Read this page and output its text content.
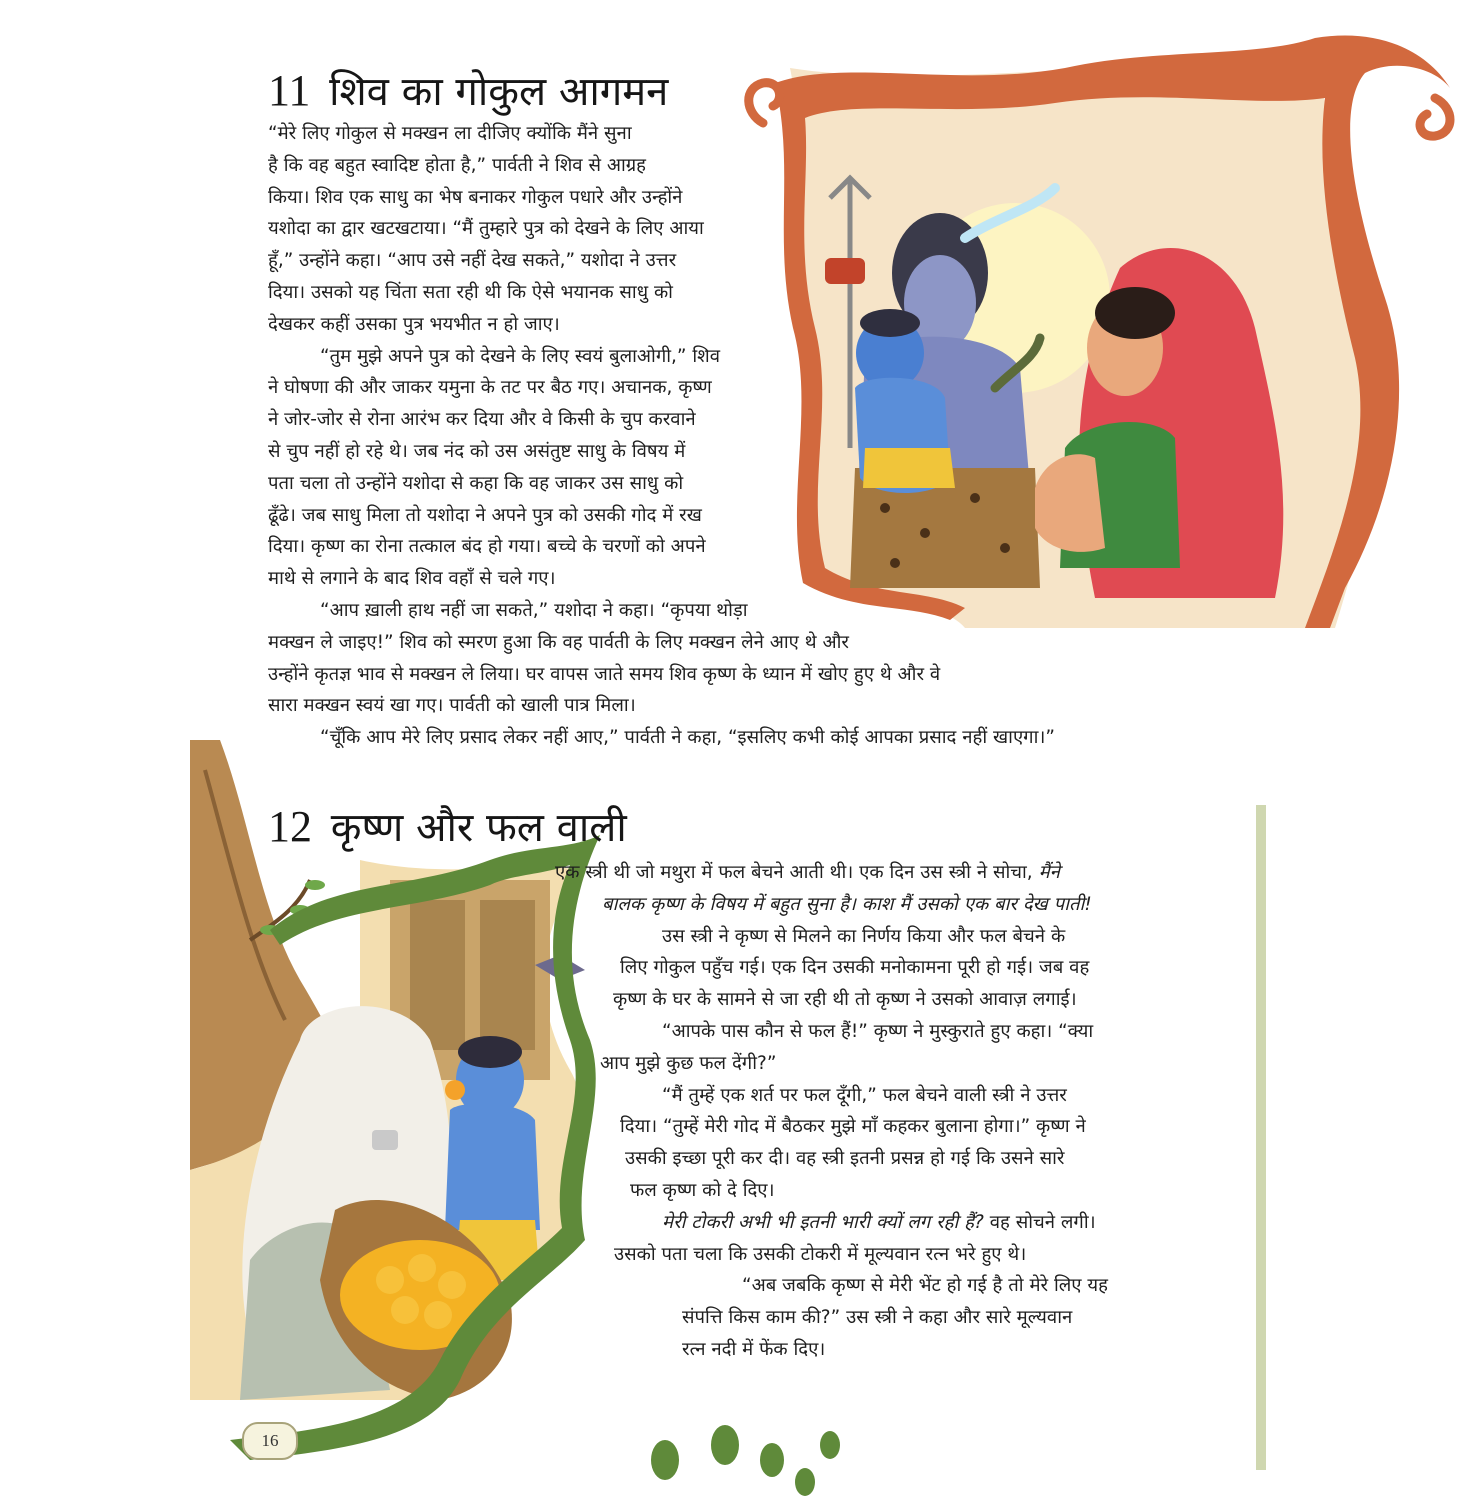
11 शिव का गोकुल आगमन
“मेरे लिए गोकुल से मक्खन ला दीजिए क्योंकि मैंने सुना
है कि वह बहुत स्वादिष्ट होता है,” पार्वती ने शिव से आग्रह
किया। शिव एक साधु का भेष बनाकर गोकुल पधारे और उन्होंने
यशोदा का द्वार खटखटाया। “मैं तुम्हारे पुत्र को देखने के लिए आया
हूँ,” उन्होंने कहा। “आप उसे नहीं देख सकते,” यशोदा ने उत्तर
दिया। उसको यह चिंता सता रही थी कि ऐसे भयानक साधु को
देखकर कहीं उसका पुत्र भयभीत न हो जाए।
“तुम मुझे अपने पुत्र को देखने के लिए स्वयं बुलाओगी,” शिव
ने घोषणा की और जाकर यमुना के तट पर बैठ गए। अचानक, कृष्ण
ने जोर-जोर से रोना आरंभ कर दिया और वे किसी के चुप करवाने
से चुप नहीं हो रहे थे। जब नंद को उस असंतुष्ट साधु के विषय में
पता चला तो उन्होंने यशोदा से कहा कि वह जाकर उस साधु को
ढूँढे। जब साधु मिला तो यशोदा ने अपने पुत्र को उसकी गोद में रख
दिया। कृष्ण का रोना तत्काल बंद हो गया। बच्चे के चरणों को अपने
माथे से लगाने के बाद शिव वहाँ से चले गए।
“आप ख़ाली हाथ नहीं जा सकते,” यशोदा ने कहा। “कृपया थोड़ा
मक्खन ले जाइए!” शिव को स्मरण हुआ कि वह पार्वती के लिए मक्खन लेने आए थे और
उन्होंने कृतज्ञ भाव से मक्खन ले लिया। घर वापस जाते समय शिव कृष्ण के ध्यान में खोए हुए थे और वे
सारा मक्खन स्वयं खा गए। पार्वती को खाली पात्र मिला।
“चूँकि आप मेरे लिए प्रसाद लेकर नहीं आए,” पार्वती ने कहा, “इसलिए कभी कोई आपका प्रसाद नहीं खाएगा।”
12 कृष्ण और फल वाली
एक स्त्री थी जो मथुरा में फल बेचने आती थी। एक दिन उस स्त्री ने सोचा, मैंने
बालक कृष्ण के विषय में बहुत सुना है। काश मैं उसको एक बार देख पाती!
उस स्त्री ने कृष्ण से मिलने का निर्णय किया और फल बेचने के
लिए गोकुल पहुँच गई। एक दिन उसकी मनोकामना पूरी हो गई। जब वह
कृष्ण के घर के सामने से जा रही थी तो कृष्ण ने उसको आवाज़ लगाई।
“आपके पास कौन से फल हैं!” कृष्ण ने मुस्कुराते हुए कहा। “क्या
आप मुझे कुछ फल देंगी?”
“मैं तुम्हें एक शर्त पर फल दूँगी,” फल बेचने वाली स्त्री ने उत्तर
दिया। “तुम्हें मेरी गोद में बैठकर मुझे माँ कहकर बुलाना होगा।” कृष्ण ने
उसकी इच्छा पूरी कर दी। वह स्त्री इतनी प्रसन्न हो गई कि उसने सारे
फल कृष्ण को दे दिए।
मेरी टोकरी अभी भी इतनी भारी क्यों लग रही हैं? वह सोचने लगी।
उसको पता चला कि उसकी टोकरी में मूल्यवान रत्न भरे हुए थे।
“अब जबकि कृष्ण से मेरी भेंट हो गई है तो मेरे लिए यह
संपत्ति किस काम की?” उस स्त्री ने कहा और सारे मूल्यवान
रत्न नदी में फेंक दिए।
16
